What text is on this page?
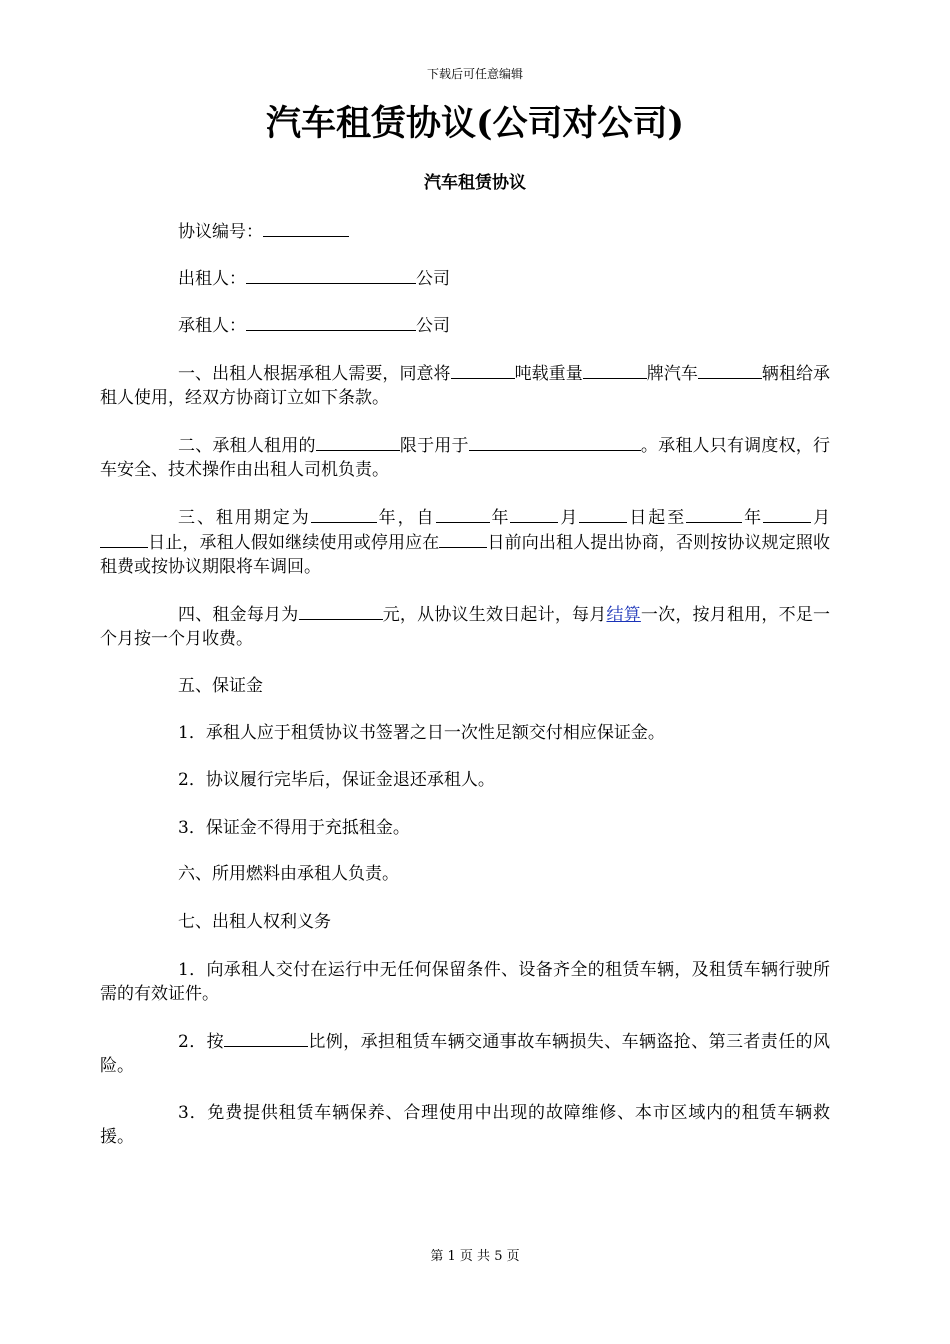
下载后可任意编辑
汽车租赁协议(公司对公司)
汽车租赁协议

协议编号：

出租人：	公司

承租人：	公司

一、出租人根据承租人需要，同意将	吨载重量	牌汽车	辆租给承租人使用，经双方协商订立如下条款。

二、承租人租用的	限于用于	。承租人只有调度权，行车安全、技术操作由出租人司机负责。

三、租用期定为	年，自	年	月	日起至	年	月日止，承租人假如继续使用或停用应在	日前向出租人提出协商，否则按协议规定照收租费或按协议期限将车调回。

四、租金每月为	元，从协议生效日起计，每月结算一次，按月租用，不足一个月按一个月收费。

五、保证金

1．承租人应于租赁协议书签署之日一次性足额交付相应保证金。

2．协议履行完毕后，保证金退还承租人。

3．保证金不得用于充抵租金。

六、所用燃料由承租人负责。

七、出租人权利义务

1．向承租人交付在运行中无任何保留条件、设备齐全的租赁车辆，及租赁车辆行驶所需的有效证件。

2．按	比例，承担租赁车辆交通事故车辆损失、车辆盗抢、第三者责任的风险。

3．免费提供租赁车辆保养、合理使用中出现的故障维修、本市区域内的租赁车辆救援。

第 1 页 共 5 页
